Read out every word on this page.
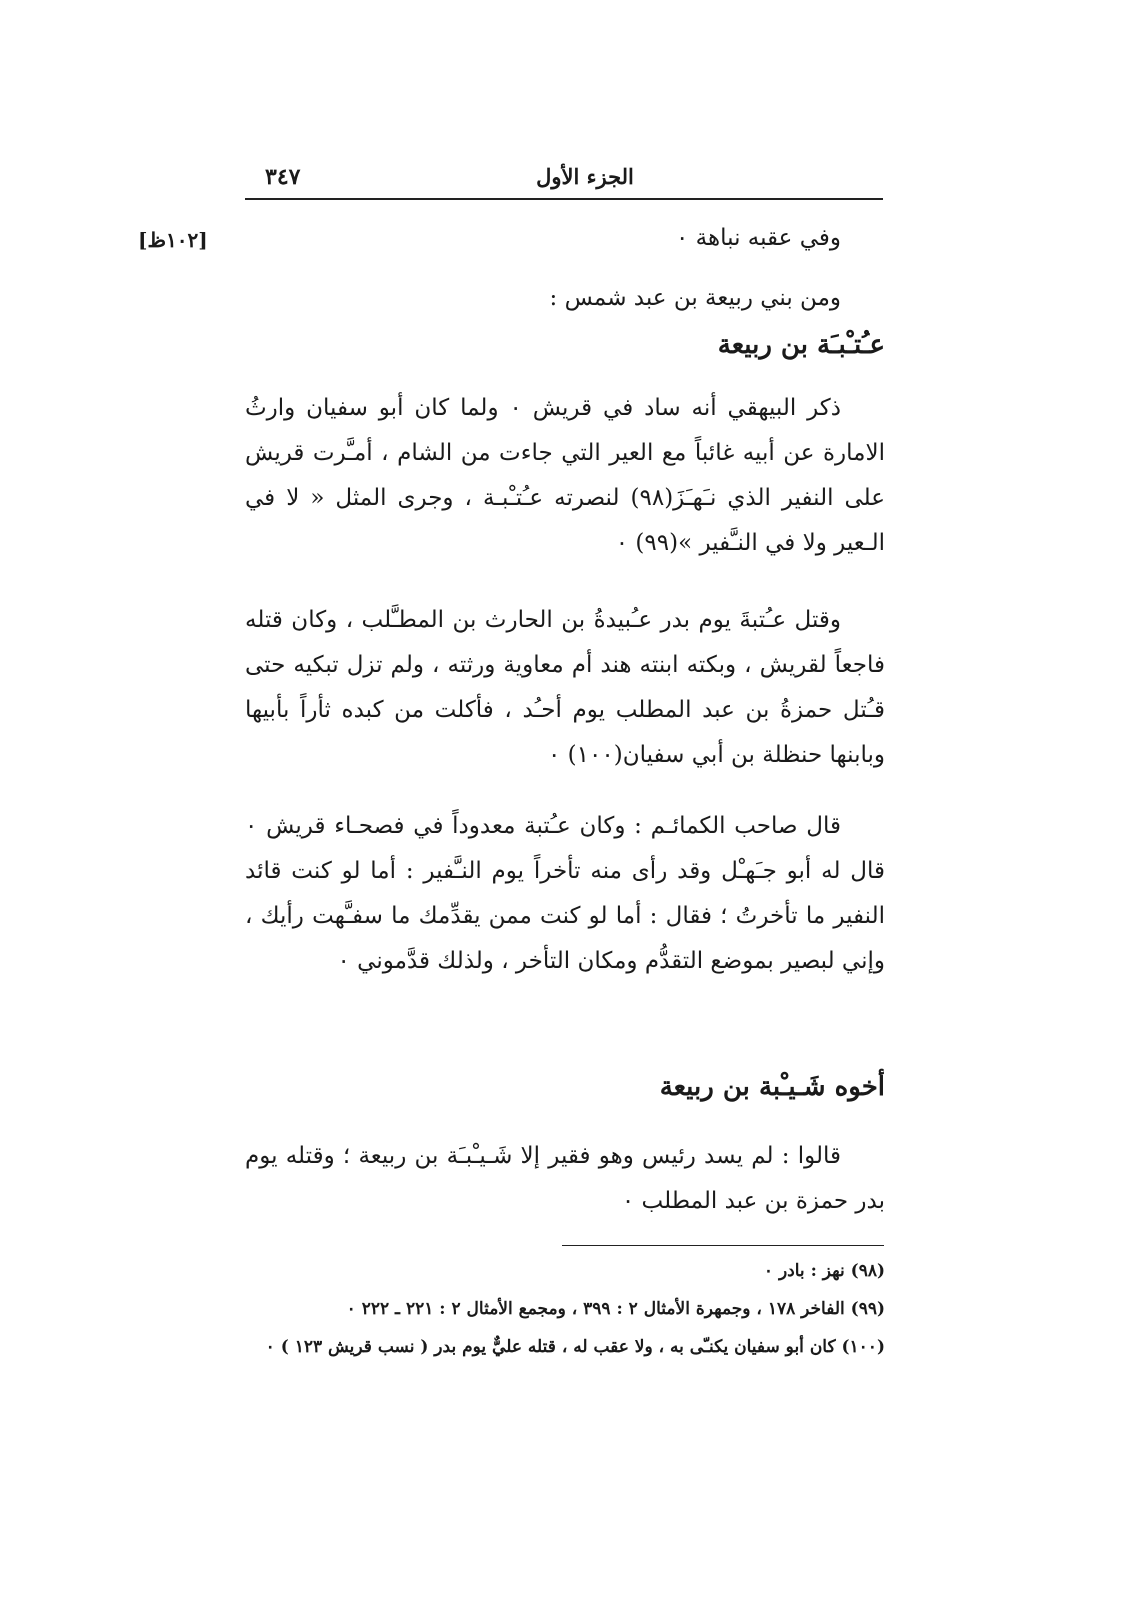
٣٤٧	الجزء الأول
[١٠٢ظ]	وفي عقبه نباهة ٠

ومن بني ربيعة بن عبد شمس :

عـُتـْبـَة بن ربيعة

ذكر البيهقي أنه ساد في قريش ٠ ولما كان أبو سفيان وارثُ الامارة عن أبيه غائباً مع العير التي جاءت من الشام ، أمـَّرت قريش على النفير الذي نـَهـَزَ(٩٨) لنصرته عـُتـْبـة ، وجرى المثل « لا في الـعير ولا في النـَّفير »(٩٩) ٠

وقتل عـُتبةَ يوم بدر عـُبيدةُ بن الحارث بن المطـَّلب ، وكان قتله فاجعاً لقريش ، وبكته ابنته هند أم معاوية ورثته ، ولم تزل تبكيه حتى قـُتل حمزةُ بن عبد المطلب يوم أحـُد ، فأكلت من كبده ثأراً بأبيها وبابنها حنظلة بن أبي سفيان(١٠٠) ٠

قال صاحب الكمائـم : وكان عـُتبة معدوداً في فصحـاء قريش ٠ قال له أبو جـَهـْل وقد رأى منه تأخراً يوم النـَّفير : أما لو كنت قائد النفير ما تأخرتُ ؛ فقال : أما لو كنت ممن يقدِّمك ما سفـَّهت رأيك ، وإني لبصير بموضع التقدُّم ومكان التأخر ، ولذلك قدَّموني ٠

أخوه شَـيـْبة بن ربيعة

قالوا : لم يسد رئيس وهو فقير إلا شَـيـْبـَة بن ربيعة ؛ وقتله يوم بدر حمزة بن عبد المطلب ٠

(٩٨) نهز : بادر ٠

(٩٩) الفاخر ١٧٨ ، وجمهرة الأمثال ٢ : ٣٩٩ ، ومجمع الأمثال ٢ : ٢٢١ ـ ٢٢٢ ٠

(١٠٠) كان أبو سفيان يكنـّى به ، ولا عقب له ، قتله عليٌّ يوم بدر ( نسب قريش ١٢٣ ) ٠
